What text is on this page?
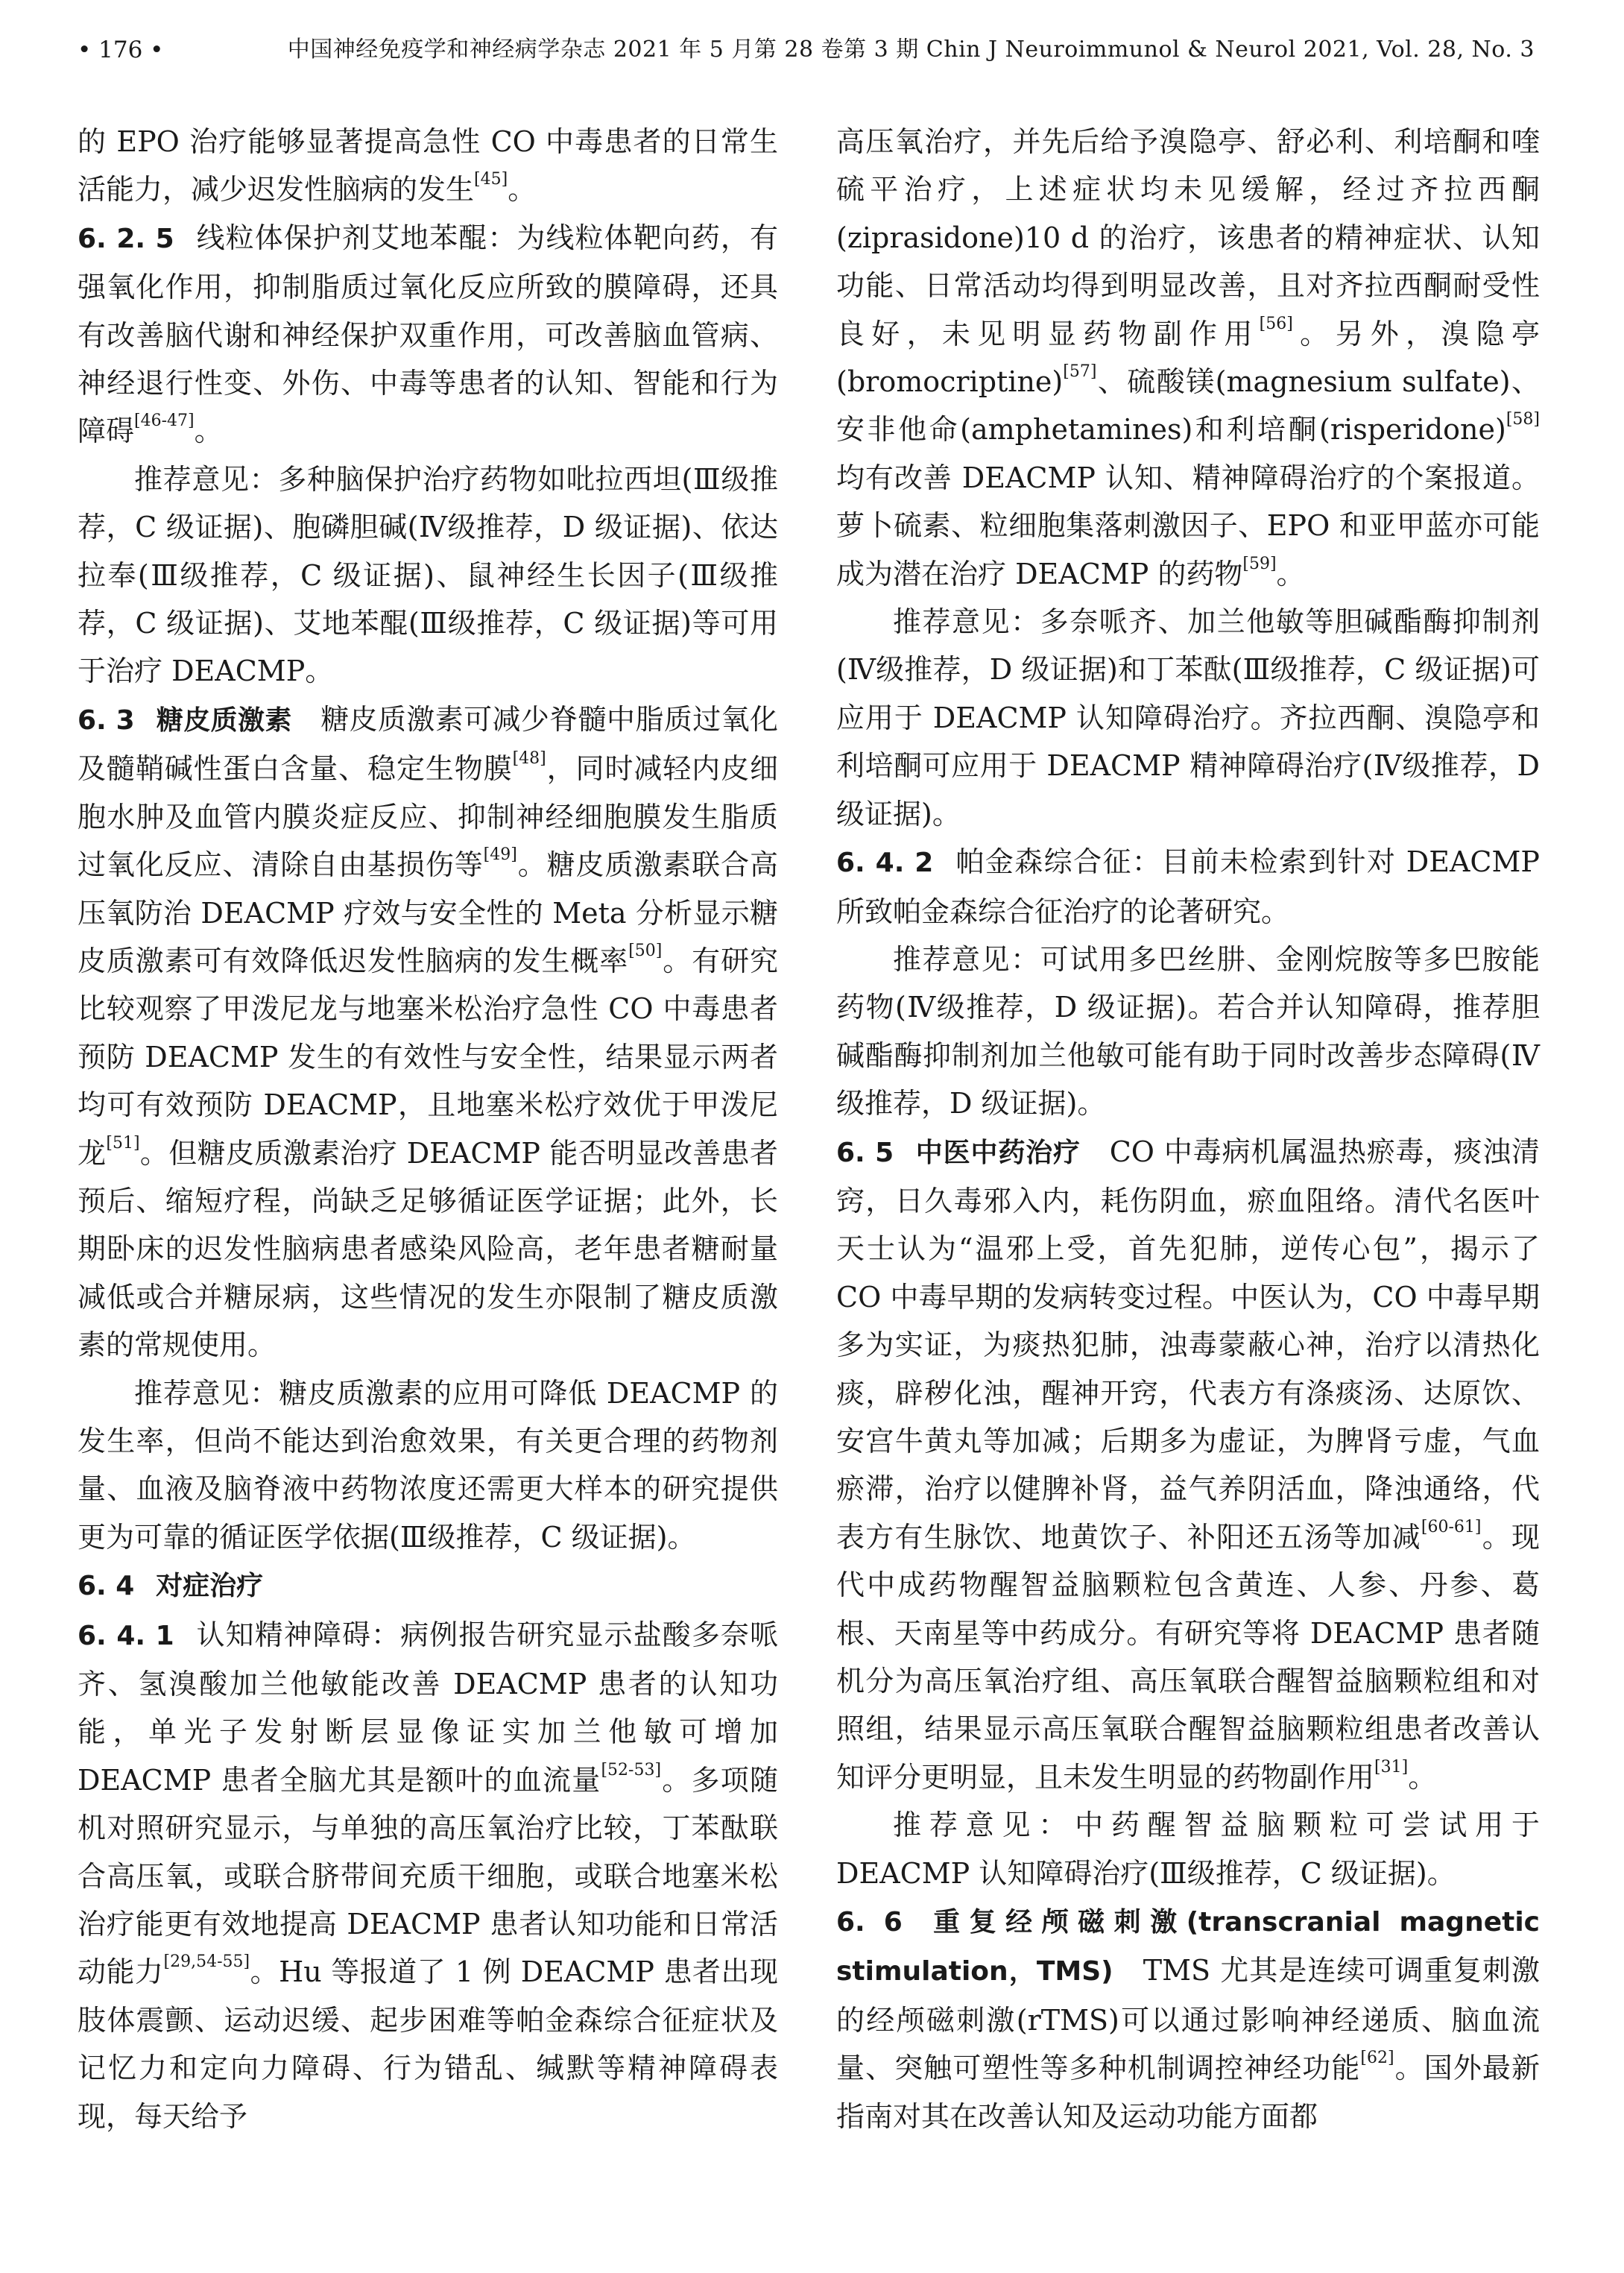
• 176 •	中国神经免疫学和神经病学杂志 2021 年 5 月第 28 卷第 3 期 Chin J Neuroimmunol & Neurol 2021, Vol. 28, No. 3

的 EPO 治疗能够显著提高急性 CO 中毒患者的日常生活能力，减少迟发性脑病的发生[45]。

6. 2. 5 线粒体保护剂艾地苯醌：为线粒体靶向药，有强氧化作用，抑制脂质过氧化反应所致的膜障碍，还具有改善脑代谢和神经保护双重作用，可改善脑血管病、神经退行性变、外伤、中毒等患者的认知、智能和行为障碍[46-47]。

推荐意见：多种脑保护治疗药物如吡拉西坦(Ⅲ级推荐，C 级证据)、胞磷胆碱(Ⅳ级推荐，D 级证据)、依达拉奉(Ⅲ级推荐，C 级证据)、鼠神经生长因子(Ⅲ级推荐，C 级证据)、艾地苯醌(Ⅲ级推荐，C 级证据)等可用于治疗 DEACMP。

6. 3 糖皮质激素　 糖皮质激素可减少脊髓中脂质过氧化及髓鞘碱性蛋白含量、稳定生物膜[48]，同时减轻内皮细胞水肿及血管内膜炎症反应、抑制神经细胞膜发生脂质过氧化反应、清除自由基损伤等[49]。糖皮质激素联合高压氧防治 DEACMP 疗效与安全性的 Meta 分析显示糖皮质激素可有效降低迟发性脑病的发生概率[50]。有研究比较观察了甲泼尼龙与地塞米松治疗急性 CO 中毒患者预防 DEACMP 发生的有效性与安全性，结果显示两者均可有效预防 DEACMP，且地塞米松疗效优于甲泼尼龙[51]。但糖皮质激素治疗 DEACMP 能否明显改善患者预后、缩短疗程，尚缺乏足够循证医学证据；此外，长期卧床的迟发性脑病患者感染风险高，老年患者糖耐量减低或合并糖尿病，这些情况的发生亦限制了糖皮质激素的常规使用。

推荐意见：糖皮质激素的应用可降低 DEACMP 的发生率，但尚不能达到治愈效果，有关更合理的药物剂量、血液及脑脊液中药物浓度还需更大样本的研究提供更为可靠的循证医学依据(Ⅲ级推荐，C 级证据)。

6. 4 对症治疗

6. 4. 1 认知精神障碍：病例报告研究显示盐酸多奈哌齐、氢溴酸加兰他敏能改善 DEACMP 患者的认知功能，单光子发射断层显像证实加兰他敏可增加 DEACMP 患者全脑尤其是额叶的血流量[52-53]。多项随机对照研究显示，与单独的高压氧治疗比较，丁苯酞联合高压氧，或联合脐带间充质干细胞，或联合地塞米松治疗能更有效地提高 DEACMP 患者认知功能和日常活动能力[29,54-55]。Hu 等报道了 1 例 DEACMP 患者出现肢体震颤、运动迟缓、起步困难等帕金森综合征症状及记忆力和定向力障碍、行为错乱、缄默等精神障碍表现，每天给予

高压氧治疗，并先后给予溴隐亭、舒必利、利培酮和喹硫平治疗，上述症状均未见缓解，经过齐拉西酮(ziprasidone)10 d 的治疗，该患者的精神症状、认知功能、日常活动均得到明显改善，且对齐拉西酮耐受性良好，未见明显药物副作用[56]。另外，溴隐亭(bromocriptine)[57]、硫酸镁(magnesium sulfate)、安非他命(amphetamines)和利培酮(risperidone)[58]均有改善 DEACMP 认知、精神障碍治疗的个案报道。萝卜硫素、粒细胞集落刺激因子、EPO 和亚甲蓝亦可能成为潜在治疗 DEACMP 的药物[59]。

推荐意见：多奈哌齐、加兰他敏等胆碱酯酶抑制剂(Ⅳ级推荐，D 级证据)和丁苯酞(Ⅲ级推荐，C 级证据)可应用于 DEACMP 认知障碍治疗。齐拉西酮、溴隐亭和利培酮可应用于 DEACMP 精神障碍治疗(Ⅳ级推荐，D 级证据)。

6. 4. 2 帕金森综合征：目前未检索到针对 DEACMP 所致帕金森综合征治疗的论著研究。

推荐意见：可试用多巴丝肼、金刚烷胺等多巴胺能药物(Ⅳ级推荐，D 级证据)。若合并认知障碍，推荐胆碱酯酶抑制剂加兰他敏可能有助于同时改善步态障碍(Ⅳ级推荐，D 级证据)。

6. 5 中医中药治疗　 CO 中毒病机属温热瘀毒，痰浊清窍，日久毒邪入内，耗伤阴血，瘀血阻络。清代名医叶天士认为“温邪上受，首先犯肺，逆传心包”，揭示了 CO 中毒早期的发病转变过程。中医认为，CO 中毒早期多为实证，为痰热犯肺，浊毒蒙蔽心神，治疗以清热化痰，辟秽化浊，醒神开窍，代表方有涤痰汤、达原饮、安宫牛黄丸等加减；后期多为虚证，为脾肾亏虚，气血瘀滞，治疗以健脾补肾，益气养阴活血，降浊通络，代表方有生脉饮、地黄饮子、补阳还五汤等加减[60-61]。现代中成药物醒智益脑颗粒包含黄连、人参、丹参、葛根、天南星等中药成分。有研究等将 DEACMP 患者随机分为高压氧治疗组、高压氧联合醒智益脑颗粒组和对照组，结果显示高压氧联合醒智益脑颗粒组患者改善认知评分更明显，且未发生明显的药物副作用[31]。

推荐意见：中药醒智益脑颗粒可尝试用于 DEACMP 认知障碍治疗(Ⅲ级推荐，C 级证据)。

6. 6 重复经颅磁刺激(transcranial magnetic stimulation，TMS)　 TMS 尤其是连续可调重复刺激的经颅磁刺激(rTMS)可以通过影响神经递质、脑血流量、突触可塑性等多种机制调控神经功能[62]。国外最新指南对其在改善认知及运动功能方面都
